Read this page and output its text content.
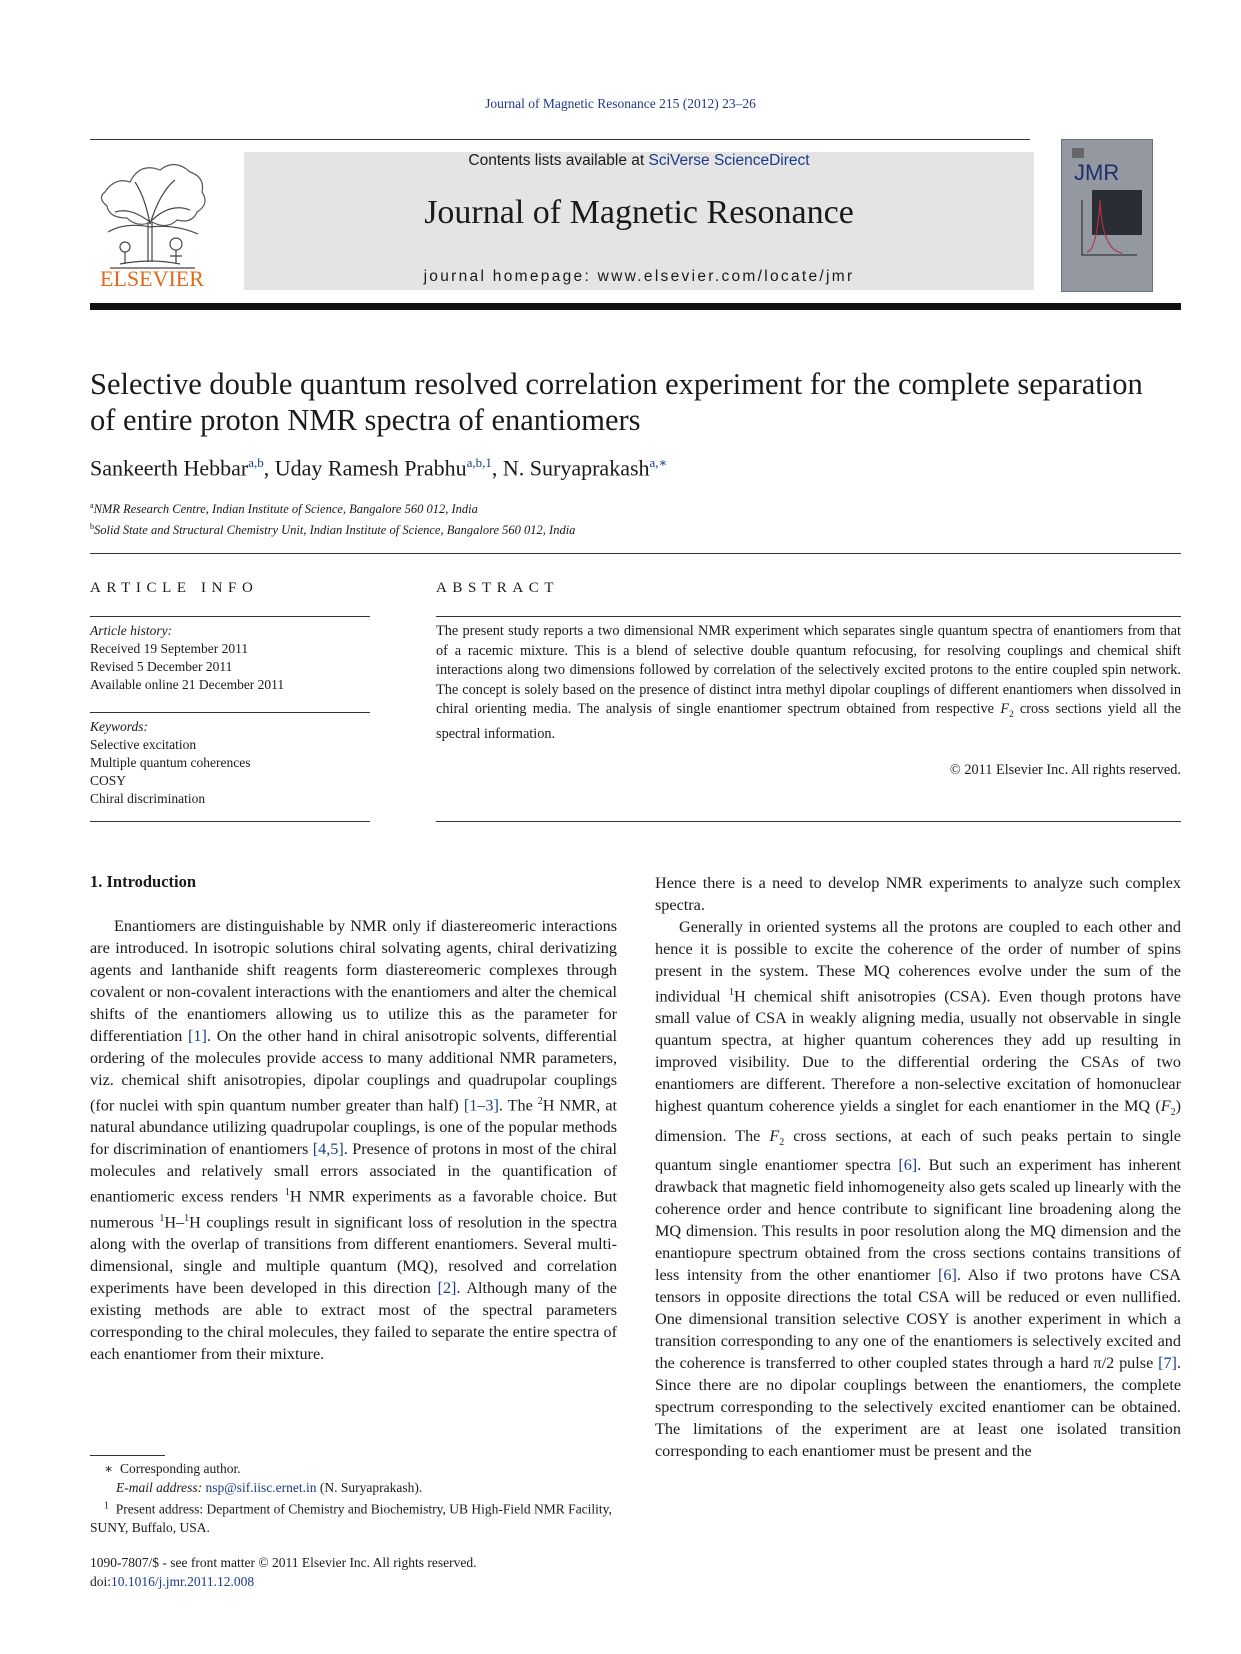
Journal of Magnetic Resonance 215 (2012) 23–26
ELSEVIER
Contents lists available at SciVerse ScienceDirect
Journal of Magnetic Resonance
journal homepage: www.elsevier.com/locate/jmr
JMR
Selective double quantum resolved correlation experiment for the complete separation of entire proton NMR spectra of enantiomers
Sankeerth Hebbar$^{a,b}$, Uday Ramesh Prabhu$^{a,b,1}$, N. Suryaprakash$^{a,∗}$
$^a$NMR Research Centre, Indian Institute of Science, Bangalore 560 012, India
$^b$Solid State and Structural Chemistry Unit, Indian Institute of Science, Bangalore 560 012, India
ARTICLE INFO
Article history:
Received 19 September 2011
Revised 5 December 2011
Available online 21 December 2011
Keywords:
Selective excitation
Multiple quantum coherences
COSY
Chiral discrimination
ABSTRACT
The present study reports a two dimensional NMR experiment which separates single quantum spectra of enantiomers from that of a racemic mixture. This is a blend of selective double quantum refocusing, for resolving couplings and chemical shift interactions along two dimensions followed by correlation of the selectively excited protons to the entire coupled spin network. The concept is solely based on the presence of distinct intra methyl dipolar couplings of different enantiomers when dissolved in chiral orienting media. The analysis of single enantiomer spectrum obtained from respective $F_2$ cross sections yield all the spectral information.
© 2011 Elsevier Inc. All rights reserved.
1. Introduction

Enantiomers are distinguishable by NMR only if diastereomeric interactions are introduced. In isotropic solutions chiral solvating agents, chiral derivatizing agents and lanthanide shift reagents form diastereomeric complexes through covalent or non-covalent interactions with the enantiomers and alter the chemical shifts of the enantiomers allowing us to utilize this as the parameter for differentiation [1]. On the other hand in chiral anisotropic solvents, differential ordering of the molecules provide access to many additional NMR parameters, viz. chemical shift anisotropies, dipolar couplings and quadrupolar couplings (for nuclei with spin quantum number greater than half) [1–3]. The $^2$H NMR, at natural abundance utilizing quadrupolar couplings, is one of the popular methods for discrimination of enantiomers [4,5]. Presence of protons in most of the chiral molecules and relatively small errors associated in the quantification of enantiomeric excess renders $^1$H NMR experiments as a favorable choice. But numerous $^1$H–$^1$H couplings result in significant loss of resolution in the spectra along with the overlap of transitions from different enantiomers. Several multi-dimensional, single and multiple quantum (MQ), resolved and correlation experiments have been developed in this direction [2]. Although many of the existing methods are able to extract most of the spectral parameters corresponding to the chiral molecules, they failed to separate the entire spectra of each enantiomer from their mixture.

Hence there is a need to develop NMR experiments to analyze such complex spectra.

Generally in oriented systems all the protons are coupled to each other and hence it is possible to excite the coherence of the order of number of spins present in the system. These MQ coherences evolve under the sum of the individual $^1$H chemical shift anisotropies (CSA). Even though protons have small value of CSA in weakly aligning media, usually not observable in single quantum spectra, at higher quantum coherences they add up resulting in improved visibility. Due to the differential ordering the CSAs of two enantiomers are different. Therefore a non-selective excitation of homonuclear highest quantum coherence yields a singlet for each enantiomer in the MQ $(F_2)$ dimension. The $F_2$ cross sections, at each of such peaks pertain to single quantum single enantiomer spectra [6]. But such an experiment has inherent drawback that magnetic field inhomogeneity also gets scaled up linearly with the coherence order and hence contribute to significant line broadening along the MQ dimension. This results in poor resolution along the MQ dimension and the enantiopure spectrum obtained from the cross sections contains transitions of less intensity from the other enantiomer [6]. Also if two protons have CSA tensors in opposite directions the total CSA will be reduced or even nullified. One dimensional transition selective COSY is another experiment in which a transition corresponding to any one of the enantiomers is selectively excited and the coherence is transferred to other coupled states through a hard π/2 pulse [7]. Since there are no dipolar couplings between the enantiomers, the complete spectrum corresponding to the selectively excited enantiomer can be obtained. The limitations of the experiment are at least one isolated transition corresponding to each enantiomer must be present and the

∗ Corresponding author.
E-mail address: nsp@sif.iisc.ernet.in (N. Suryaprakash).
$^1$ Present address: Department of Chemistry and Biochemistry, UB High-Field NMR Facility, SUNY, Buffalo, USA.
1090-7807/$ - see front matter © 2011 Elsevier Inc. All rights reserved.
doi:10.1016/j.jmr.2011.12.008
